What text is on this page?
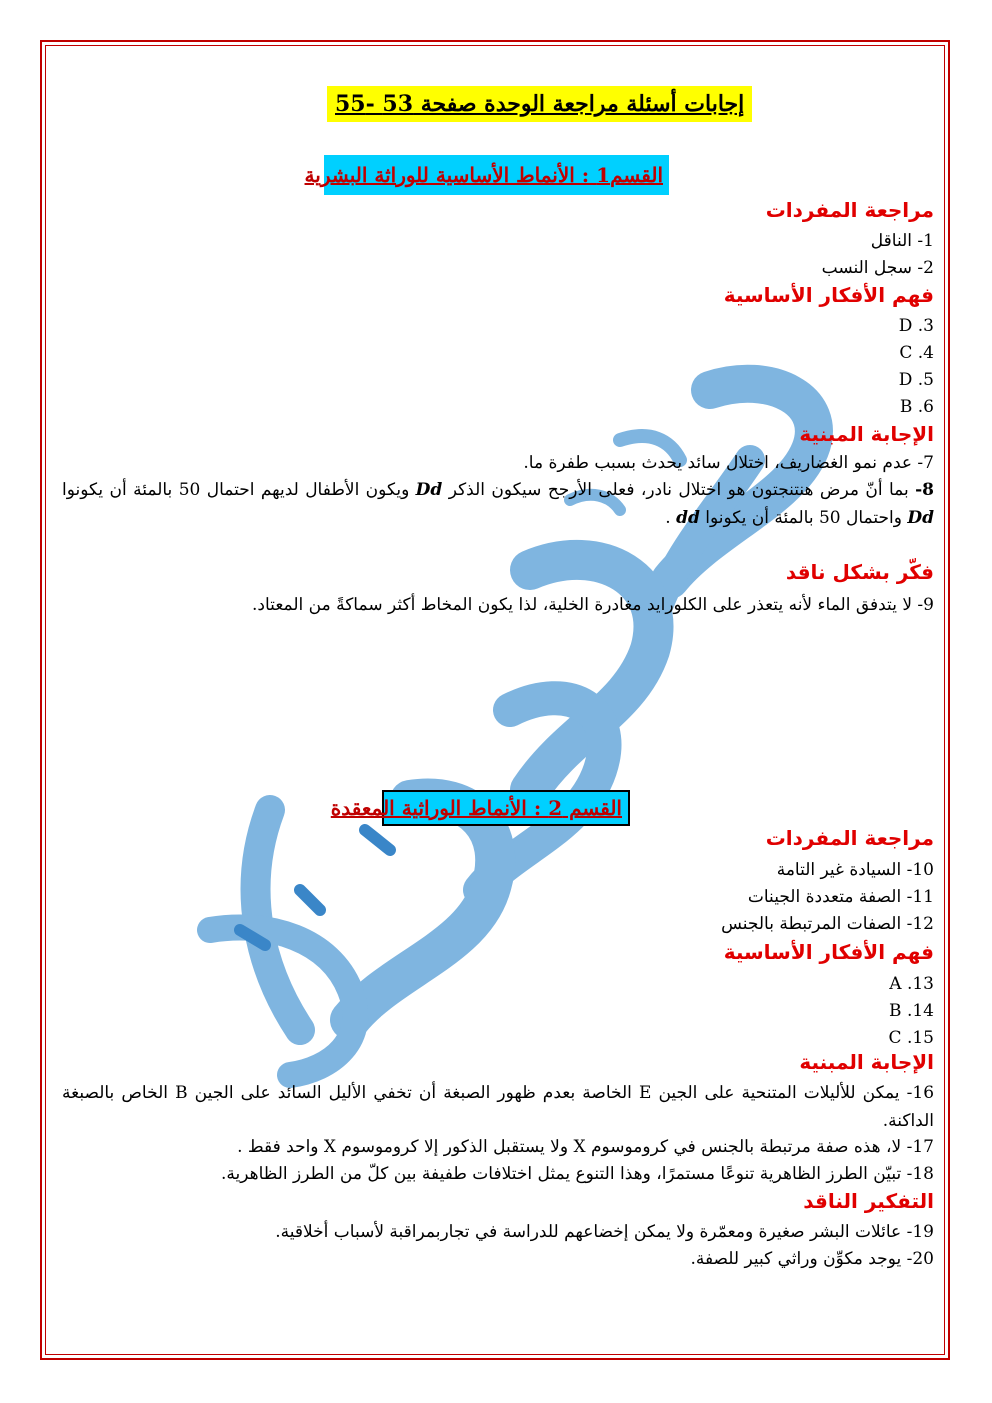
إجابات أسئلة مراجعة الوحدة صفحة 53 -55
القسم1 : الأنماط الأساسية للوراثة البشرية
مراجعة المفردات
1- الناقل
2- سجل النسب
فهم الأفكار الأساسية
3. D
4. C
5. D
6. B
الإجابة المبنية
7- عدم نمو الغضاريف، اختلال سائد يحدث بسبب طفرة ما.
8- بما أنّ مرض هنتنجتون هو اختلال نادر، فعلى الأرجح سيكون الذكر Dd ويكون الأطفال لديهم احتمال 50 بالمئة أن يكونوا Dd واحتمال 50 بالمئة أن يكونوا dd .
فكّر بشكل ناقد
9- لا يتدفق الماء لأنه يتعذر على الكلورايد مغادرة الخلية، لذا يكون المخاط أكثر سماكةً من المعتاد.
القسم 2 : الأنماط الوراثية المعقدة
مراجعة المفردات
10- السيادة غير التامة
11- الصفة متعددة الجينات
12- الصفات المرتبطة بالجنس
فهم الأفكار الأساسية
13. A
14. B
15. C
الإجابة المبنية
16- يمكن للأليلات المتنحية على الجين E الخاصة بعدم ظهور الصبغة أن تخفي الأليل السائد على الجين B الخاص بالصبغة الداكنة.
17- لا، هذه صفة مرتبطة بالجنس في كروموسوم X ولا يستقبل الذكور إلا كروموسوم X واحد فقط .
18- تبيّن الطرز الظاهرية تنوعًا مستمرًا، وهذا التنوع يمثل اختلافات طفيفة بين كلّ من الطرز الظاهرية.
التفكير الناقد
19- عائلات البشر صغيرة ومعمّرة ولا يمكن إخضاعهم للدراسة في تجاربمراقبة لأسباب أخلاقية.
20- يوجد مكوِّن وراثي كبير للصفة.
